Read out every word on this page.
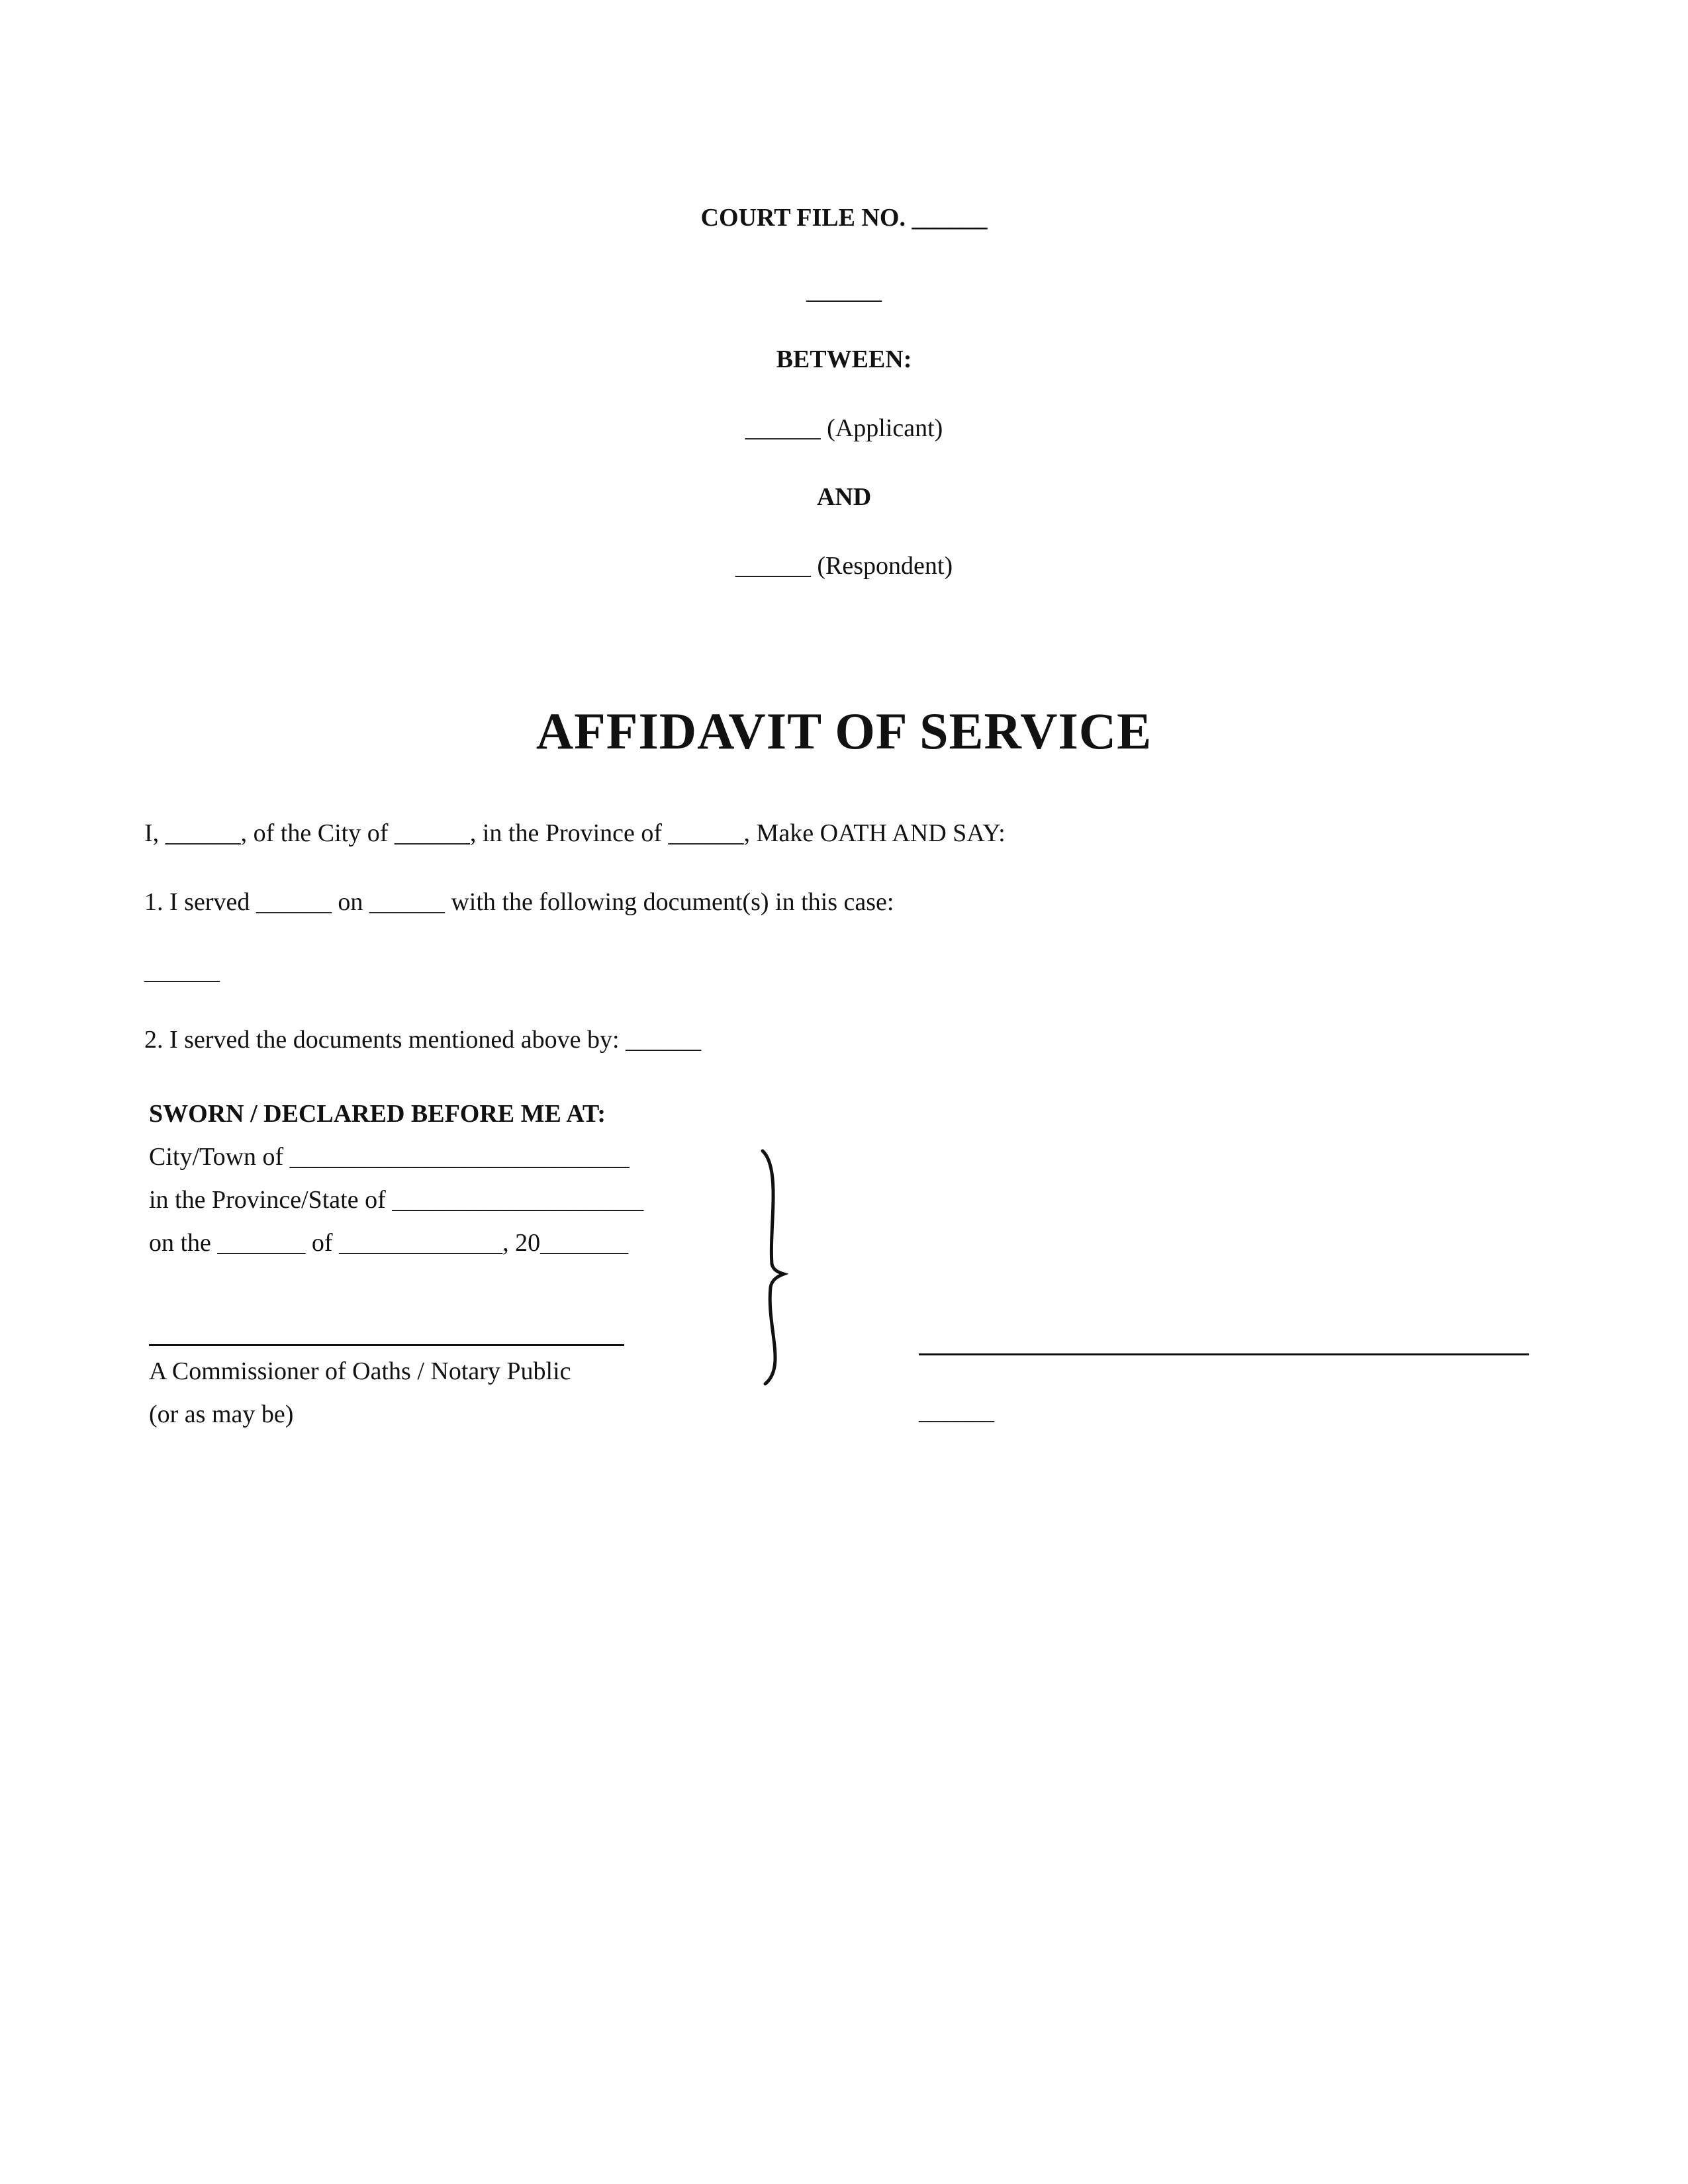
COURT FILE NO. ______
______
BETWEEN:
______ (Applicant)
AND
______ (Respondent)
AFFIDAVIT OF SERVICE
I, ______, of the City of ______, in the Province of ______, Make OATH AND SAY:
1. I served ______ on ______ with the following document(s) in this case:
______
2. I served the documents mentioned above by: ______
SWORN / DECLARED BEFORE ME AT:
City/Town of ___________________________
in the Province/State of ____________________
on the _______ of _____________, 20_______
A Commissioner of Oaths / Notary Public
(or as may be)	______
